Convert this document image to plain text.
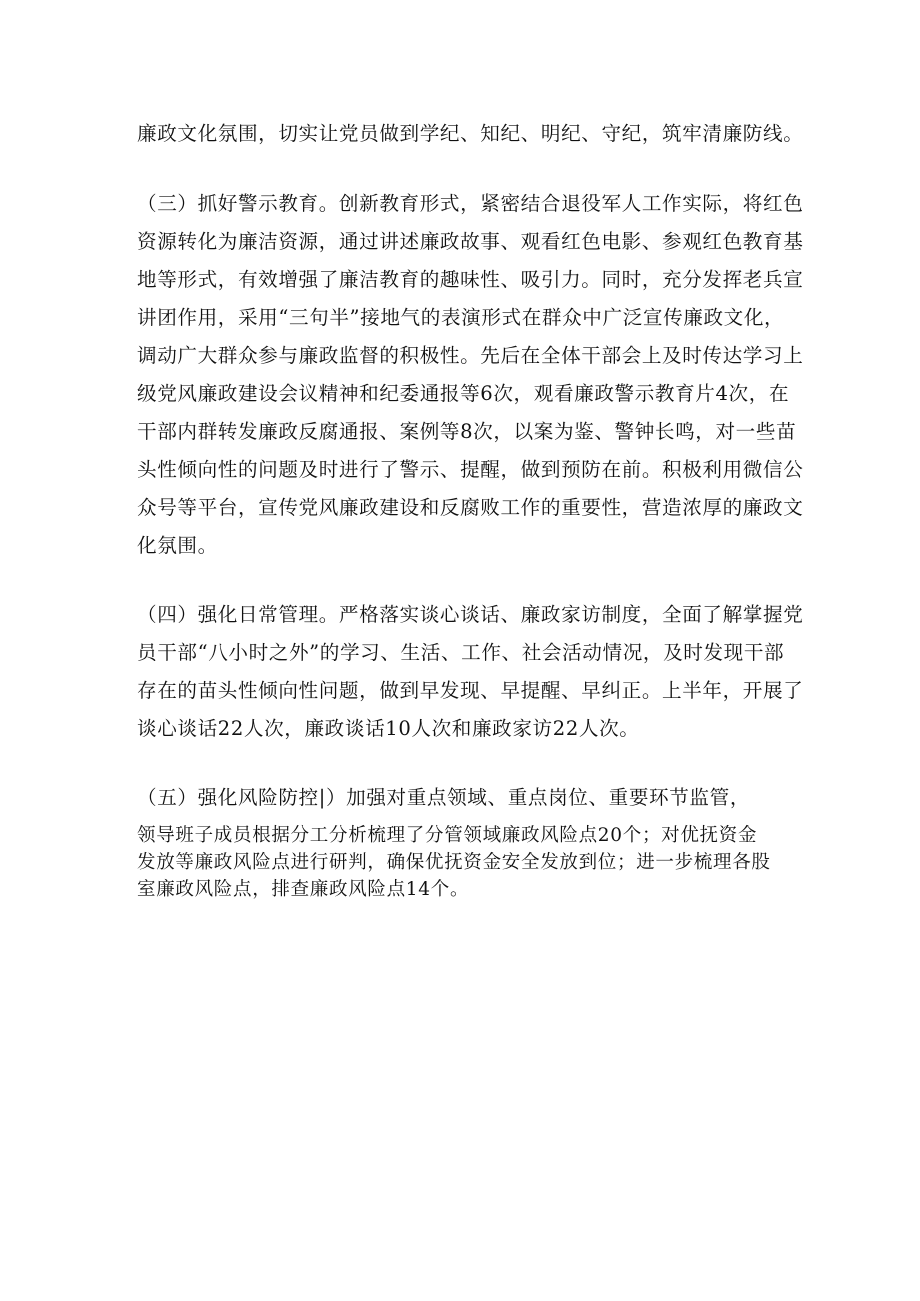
廉政文化氛围，切实让党员做到学纪、知纪、明纪、守纪，筑牢清廉防线。
（三）抓好警示教育。创新教育形式，紧密结合退役军人工作实际，将红色
资源转化为廉洁资源，通过讲述廉政故事、观看红色电影、参观红色教育基
地等形式，有效增强了廉洁教育的趣味性、吸引力。同时，充分发挥老兵宣
讲团作用，采用“三句半”接地气的表演形式在群众中广泛宣传廉政文化，
调动广大群众参与廉政监督的积极性。先后在全体干部会上及时传达学习上
级党风廉政建设会议精神和纪委通报等6次，观看廉政警示教育片4次，在
干部内群转发廉政反腐通报、案例等8次，以案为鉴、警钟长鸣，对一些苗
头性倾向性的问题及时进行了警示、提醒，做到预防在前。积极利用微信公
众号等平台，宣传党风廉政建设和反腐败工作的重要性，营造浓厚的廉政文
化氛围。
（四）强化日常管理。严格落实谈心谈话、廉政家访制度，全面了解掌握党
员干部“八小时之外”的学习、生活、工作、社会活动情况，及时发现干部
存在的苗头性倾向性问题，做到早发现、早提醒、早纠正。上半年，开展了
谈心谈话22人次，廉政谈话10人次和廉政家访22人次。
（五）强化风险防控|）加强对重点领域、重点岗位、重要环节监管，
领导班子成员根据分工分析梳理了分管领域廉政风险点20个；对优抚资金
发放等廉政风险点进行研判，确保优抚资金安全发放到位；进一步梳理各股
室廉政风险点，排查廉政风险点14个。
